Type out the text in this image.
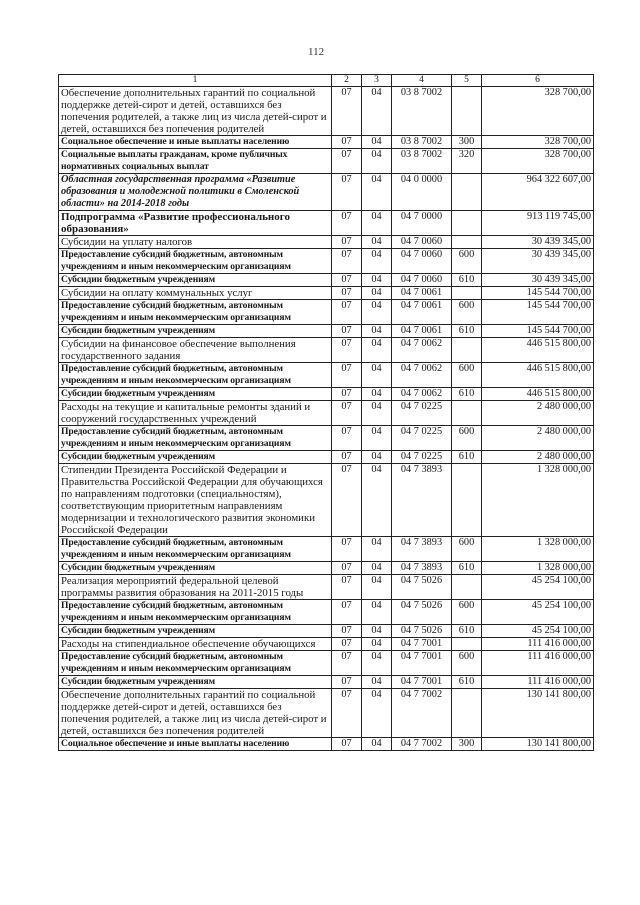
112
1	2	3	4	5	6
Обеспечение дополнительных гарантий по социальной поддержке детей-сирот и детей, оставшихся без попечения родителей, а также лиц из числа детей-сирот и детей, оставшихся без попечения родителей	07	04	03 8 7002		328 700,00
Социальное обеспечение и иные выплаты населению	07	04	03 8 7002	300	328 700,00
Социальные выплаты гражданам, кроме публичных нормативных социальных выплат	07	04	03 8 7002	320	328 700,00
Областная государственная программа «Развитие образования и молодежной политики в Смоленской области» на 2014-2018 годы	07	04	04 0 0000		964 322 607,00
Подпрограмма «Развитие профессионального образования»	07	04	04 7 0000		913 119 745,00
Субсидии на уплату налогов	07	04	04 7 0060		30 439 345,00
Предоставление субсидий бюджетным, автономным учреждениям и иным некоммерческим организациям	07	04	04 7 0060	600	30 439 345,00
Субсидии бюджетным учреждениям	07	04	04 7 0060	610	30 439 345,00
Субсидии на оплату коммунальных услуг	07	04	04 7 0061		145 544 700,00
Предоставление субсидий бюджетным, автономным учреждениям и иным некоммерческим организациям	07	04	04 7 0061	600	145 544 700,00
Субсидии бюджетным учреждениям	07	04	04 7 0061	610	145 544 700,00
Субсидии на финансовое обеспечение выполнения государственного задания	07	04	04 7 0062		446 515 800,00
Предоставление субсидий бюджетным, автономным учреждениям и иным некоммерческим организациям	07	04	04 7 0062	600	446 515 800,00
Субсидии бюджетным учреждениям	07	04	04 7 0062	610	446 515 800,00
Расходы на текущие и капитальные ремонты зданий и сооружений государственных учреждений	07	04	04 7 0225		2 480 000,00
Предоставление субсидий бюджетным, автономным учреждениям и иным некоммерческим организациям	07	04	04 7 0225	600	2 480 000,00
Субсидии бюджетным учреждениям	07	04	04 7 0225	610	2 480 000,00
Стипендии Президента Российской Федерации и Правительства Российской Федерации для обучающихся по направлениям подготовки (специальностям), соответствующим приоритетным направлениям модернизации и технологического развития экономики Российской Федерации	07	04	04 7 3893		1 328 000,00
Предоставление субсидий бюджетным, автономным учреждениям и иным некоммерческим организациям	07	04	04 7 3893	600	1 328 000,00
Субсидии бюджетным учреждениям	07	04	04 7 3893	610	1 328 000,00
Реализация мероприятий федеральной целевой программы развития образования на 2011-2015 годы	07	04	04 7 5026		45 254 100,00
Предоставление субсидий бюджетным, автономным учреждениям и иным некоммерческим организациям	07	04	04 7 5026	600	45 254 100,00
Субсидии бюджетным учреждениям	07	04	04 7 5026	610	45 254 100,00
Расходы на стипендиальное обеспечение обучающихся	07	04	04 7 7001		111 416 000,00
Предоставление субсидий бюджетным, автономным учреждениям и иным некоммерческим организациям	07	04	04 7 7001	600	111 416 000,00
Субсидии бюджетным учреждениям	07	04	04 7 7001	610	111 416 000,00
Обеспечение дополнительных гарантий по социальной поддержке детей-сирот и детей, оставшихся без попечения родителей, а также лиц из числа детей-сирот и детей, оставшихся без попечения родителей	07	04	04 7 7002		130 141 800,00
Социальное обеспечение и иные выплаты населению	07	04	04 7 7002	300	130 141 800,00
